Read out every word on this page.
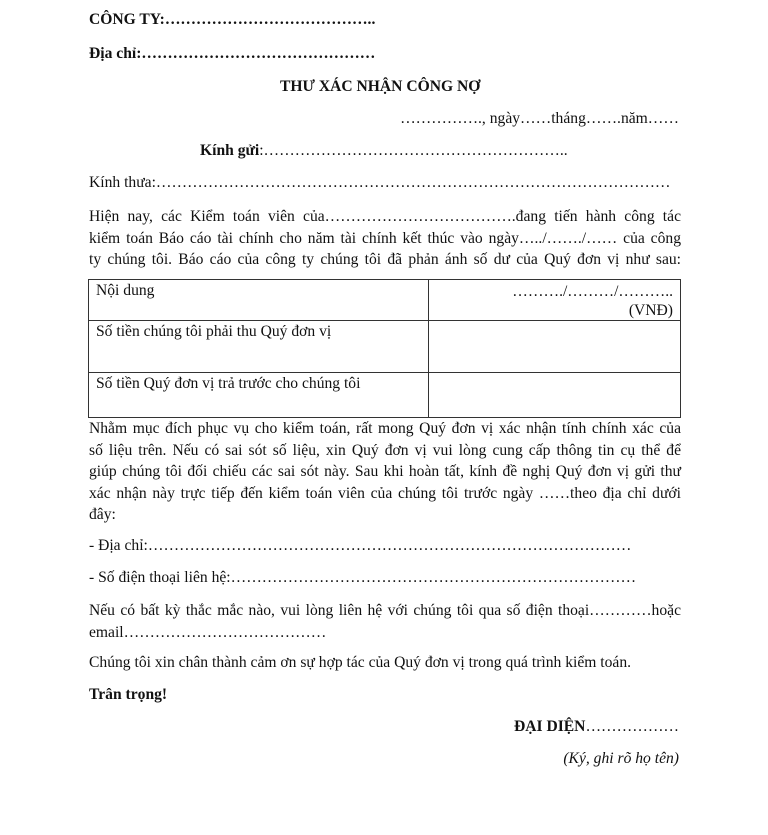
CÔNG TY:…………………………………..
Địa chỉ:………………………………………
THƯ XÁC NHẬN CÔNG NỢ
……………., ngày……tháng…….năm……
Kính gửi:…………………………………………………..
Kính thưa:………………………………………………………………………………………
Hiện nay, các Kiểm toán viên của……………………………….đang tiến hành công tác
kiểm toán Báo cáo tài chính cho năm tài chính kết thúc vào ngày…../……./…… của công
ty chúng tôi. Báo cáo của công ty chúng tôi đã phản ánh số dư của Quý đơn vị như sau:
Nội dung	………./………/………..
(VNĐ)

Số tiền chúng tôi phải thu Quý đơn vị	
Số tiền Quý đơn vị trả trước cho chúng tôi	
Nhằm mục đích phục vụ cho kiểm toán, rất mong Quý đơn vị xác nhận tính chính xác của
số liệu trên. Nếu có sai sót số liệu, xin Quý đơn vị vui lòng cung cấp thông tin cụ thể để
giúp chúng tôi đối chiếu các sai sót này. Sau khi hoàn tất, kính đề nghị Quý đơn vị gửi thư
xác nhận này trực tiếp đến kiểm toán viên của chúng tôi trước ngày ……theo địa chỉ dưới
đây:
- Địa chỉ:…………………………………………………………………………………
- Số điện thoại liên hệ:……………………………………………………………………
Nếu có bất kỳ thắc mắc nào, vui lòng liên hệ với chúng tôi qua số điện thoại…………hoặc
email…………………………………
Chúng tôi xin chân thành cảm ơn sự hợp tác của Quý đơn vị trong quá trình kiểm toán.
Trân trọng!
ĐẠI DIỆN………………
(Ký, ghi rõ họ tên)
